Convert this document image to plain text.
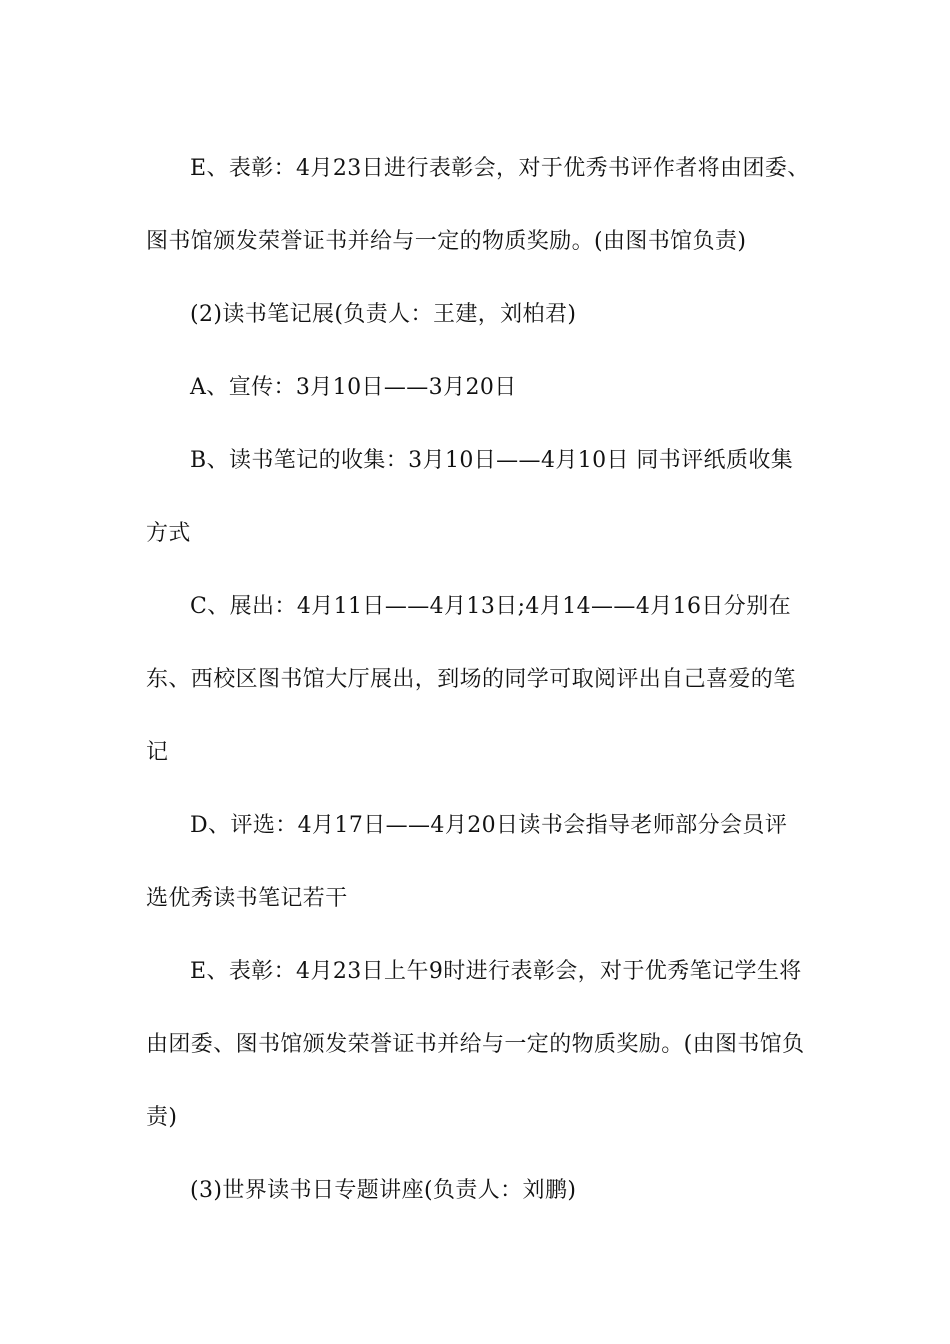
E、表彰：4月23日进行表彰会，对于优秀书评作者将由团委、
图书馆颁发荣誉证书并给与一定的物质奖励。(由图书馆负责)

(2)读书笔记展(负责人：王建，刘柏君)

A、宣传：3月10日——3月20日

B、读书笔记的收集：3月10日——4月10日 同书评纸质收集
方式

C、展出：4月11日——4月13日;4月14——4月16日分别在
东、西校区图书馆大厅展出，到场的同学可取阅评出自己喜爱的笔
记

D、评选：4月17日——4月20日读书会指导老师部分会员评
选优秀读书笔记若干

E、表彰：4月23日上午9时进行表彰会，对于优秀笔记学生将
由团委、图书馆颁发荣誉证书并给与一定的物质奖励。(由图书馆负
责)

(3)世界读书日专题讲座(负责人：刘鹏)
